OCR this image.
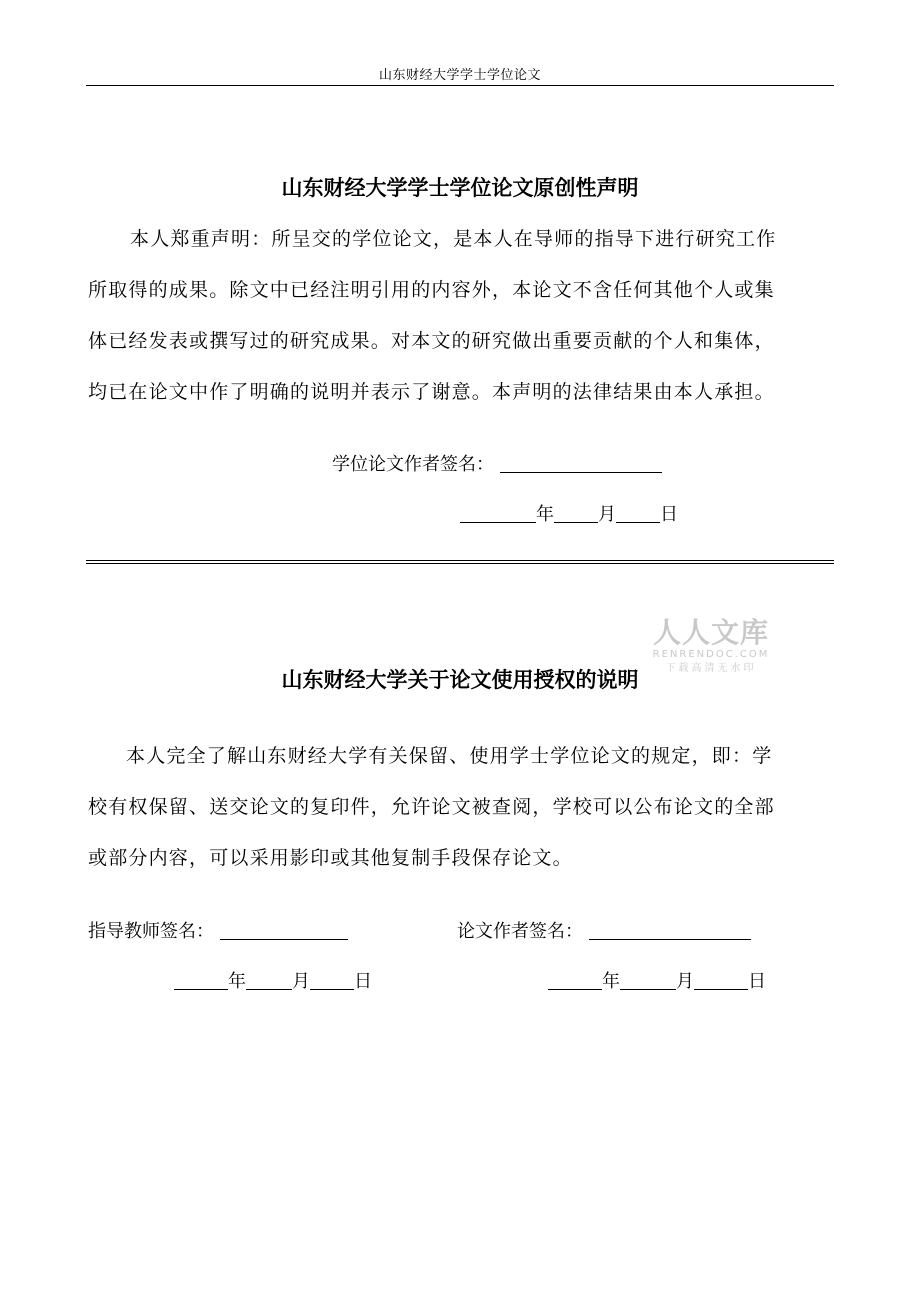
山东财经大学学士学位论文
山东财经大学学士学位论文原创性声明
本人郑重声明：所呈交的学位论文，是本人在导师的指导下进行研究工作
所取得的成果。除文中已经注明引用的内容外，本论文不含任何其他个人或集
体已经发表或撰写过的研究成果。对本文的研究做出重要贡献的个人和集体，
均已在论文中作了明确的说明并表示了谢意。本声明的法律结果由本人承担。
学位论文作者签名：
年 月 日
人人文库
RENRENDOC.COM
下载高清无水印
山东财经大学关于论文使用授权的说明
本人完全了解山东财经大学有关保留、使用学士学位论文的规定，即：学
校有权保留、送交论文的复印件，允许论文被查阅，学校可以公布论文的全部
或部分内容，可以采用影印或其他复制手段保存论文。
指导教师签名：	论文作者签名：
年	月 日	年	月	日
